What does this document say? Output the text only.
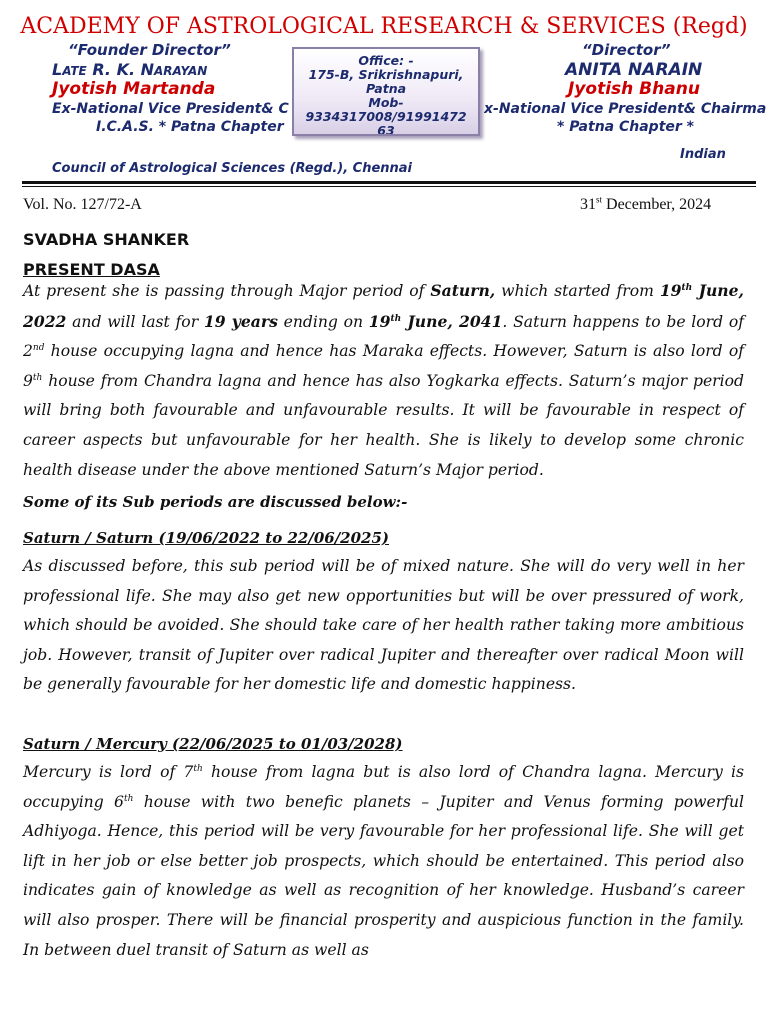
ACADEMY OF ASTROLOGICAL RESEARCH & SERVICES (Regd)
“Founder Director”
LATE R. K. NARAYAN
Jyotish Martanda
Ex-National Vice President& C
I.C.A.S. * Patna Chapter
Office: -
175-B, Srikrishnapuri,
Patna
Mob-
9334317008/91991472
63
“Director”
ANITA NARAIN
Jyotish Bhanu
x-National Vice President& Chairma
* Patna Chapter *
Indian
Council of Astrological Sciences (Regd.), Chennai
Vol. No. 127/72-A	31st December, 2024
SVADHA SHANKER
PRESENT DASA
At present she is passing through Major period of Saturn, which started from 19th June, 2022 and will last for 19 years ending on 19th June, 2041. Saturn happens to be lord of 2nd house occupying lagna and hence has Maraka effects. However, Saturn is also lord of 9th house from Chandra lagna and hence has also Yogkarka effects. Saturn’s major period will bring both favourable and unfavourable results. It will be favourable in respect of career aspects but unfavourable for her health. She is likely to develop some chronic health disease under the above mentioned Saturn’s Major period.
Some of its Sub periods are discussed below:-
Saturn / Saturn (19/06/2022 to 22/06/2025)
As discussed before, this sub period will be of mixed nature. She will do very well in her professional life. She may also get new opportunities but will be over pressured of work, which should be avoided. She should take care of her health rather taking more ambitious job. However, transit of Jupiter over radical Jupiter and thereafter over radical Moon will be generally favourable for her domestic life and domestic happiness.
Saturn / Mercury (22/06/2025 to 01/03/2028)
Mercury is lord of 7th house from lagna but is also lord of Chandra lagna. Mercury is occupying 6th house with two benefic planets – Jupiter and Venus forming powerful Adhiyoga. Hence, this period will be very favourable for her professional life. She will get lift in her job or else better job prospects, which should be entertained. This period also indicates gain of knowledge as well as recognition of her knowledge. Husband’s career will also prosper. There will be financial prosperity and auspicious function in the family. In between duel transit of Saturn as well as
